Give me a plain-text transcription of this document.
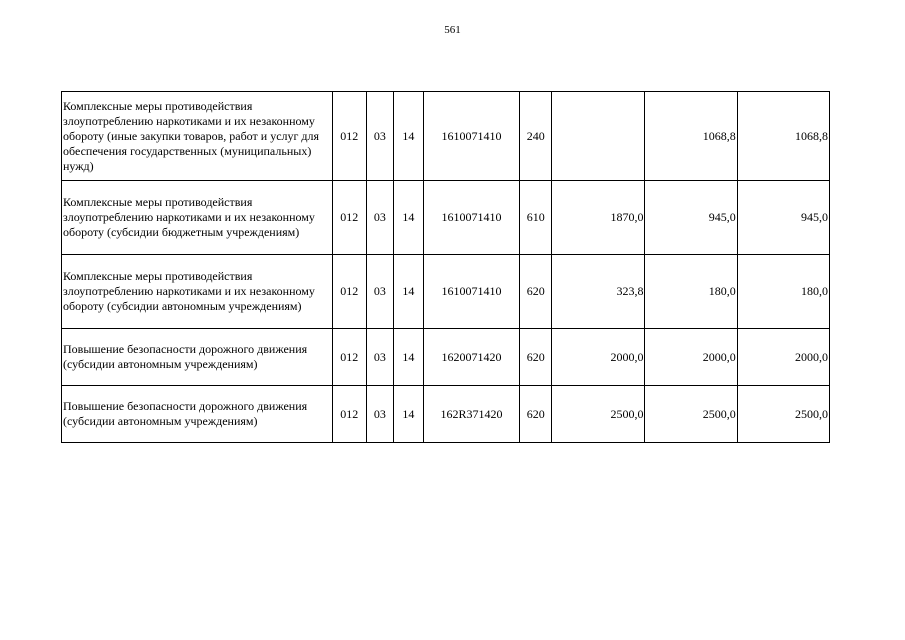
561
Комплексные меры противодействия злоупотреблению наркотиками и их незаконному обороту (иные закупки товаров, работ и услуг для обеспечения государственных (муниципальных) нужд)	012	03	14	1610071410	240		1068,8	1068,8
Комплексные меры противодействия злоупотреблению наркотиками и их незаконному обороту (субсидии бюджетным учреждениям)	012	03	14	1610071410	610	1870,0	945,0	945,0
Комплексные меры противодействия злоупотреблению наркотиками и их незаконному обороту (субсидии автономным учреждениям)	012	03	14	1610071410	620	323,8	180,0	180,0
Повышение безопасности дорожного движения (субсидии автономным учреждениям)	012	03	14	1620071420	620	2000,0	2000,0	2000,0
Повышение безопасности дорожного движения (субсидии автономным учреждениям)	012	03	14	162R371420	620	2500,0	2500,0	2500,0
